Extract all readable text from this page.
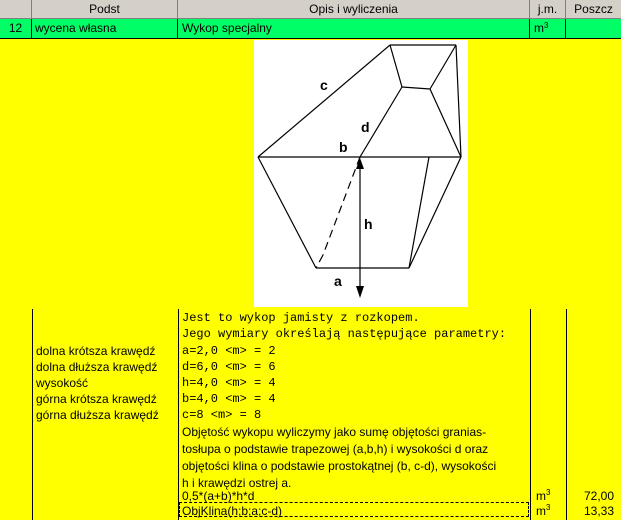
Podst	Opis i wyliczenia	j.m.	Poszcz
12	wycena własna	Wykop specjalny	$m^3$
c
d
b
h
a
Jest to wykop jamisty z rozkopem.
Jego wymiary określają następujące parametry:
dolna krótsza krawędź a=2,0 <m> = 2
dolna dłuższa krawędź d=6,0 <m> = 6
wysokość	h=4,0 <m> = 4
górna krótsza krawędź b=4,0 <m> = 4
górna dłuższa krawędź c=8 <m> = 8
Objętość wykopu wyliczymy jako sumę objętości granias-
tosłupa o podstawie trapezowej (a,b,h) i wysokości d oraz
objętości klina o podstawie prostokątnej (b, c-d), wysokości
h i krawędzi ostrej a.
0,5*(a+b)*h*d	$m^3$	72,00
ObjKlina(h;b;a;c-d)	$m^3$	13,33
